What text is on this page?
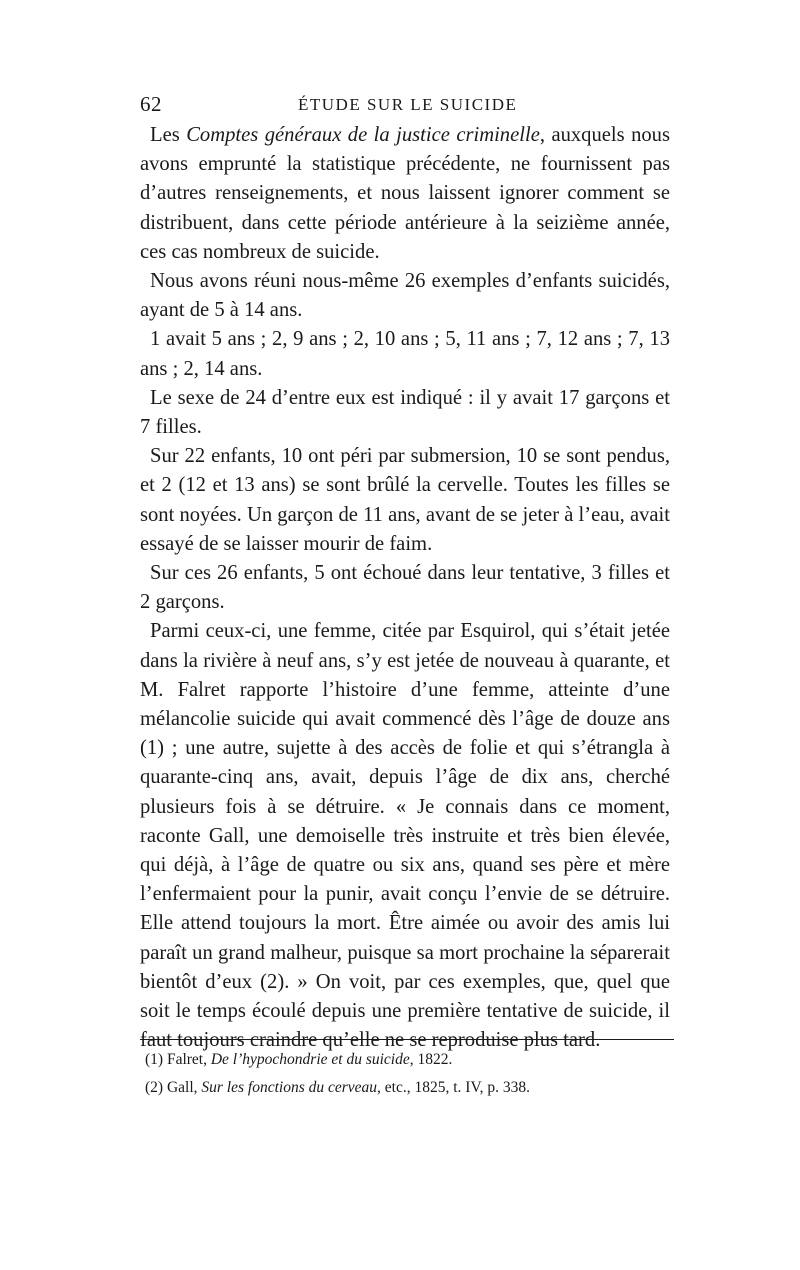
62	ÉTUDE SUR LE SUICIDE

Les Comptes généraux de la justice criminelle, auxquels nous avons emprunté la statistique précédente, ne fournissent pas d’autres renseignements, et nous laissent ignorer comment se distribuent, dans cette période antérieure à la seizième année, ces cas nombreux de suicide.

Nous avons réuni nous-même 26 exemples d’enfants suicidés, ayant de 5 à 14 ans.

1 avait 5 ans ; 2, 9 ans ; 2, 10 ans ; 5, 11 ans ; 7, 12 ans ; 7, 13 ans ; 2, 14 ans.

Le sexe de 24 d’entre eux est indiqué : il y avait 17 garçons et 7 filles.

Sur 22 enfants, 10 ont péri par submersion, 10 se sont pendus, et 2 (12 et 13 ans) se sont brûlé la cervelle. Toutes les filles se sont noyées. Un garçon de 11 ans, avant de se jeter à l’eau, avait essayé de se laisser mourir de faim.

Sur ces 26 enfants, 5 ont échoué dans leur tentative, 3 filles et 2 garçons.

Parmi ceux-ci, une femme, citée par Esquirol, qui s’était jetée dans la rivière à neuf ans, s’y est jetée de nouveau à quarante, et M. Falret rapporte l’histoire d’une femme, atteinte d’une mélancolie suicide qui avait commencé dès l’âge de douze ans (1) ; une autre, sujette à des accès de folie et qui s’étrangla à quarante-cinq ans, avait, depuis l’âge de dix ans, cherché plusieurs fois à se détruire. « Je connais dans ce moment, raconte Gall, une demoiselle très instruite et très bien élevée, qui déjà, à l’âge de quatre ou six ans, quand ses père et mère l’enfermaient pour la punir, avait conçu l’envie de se détruire. Elle attend toujours la mort. Être aimée ou avoir des amis lui paraît un grand malheur, puisque sa mort prochaine la séparerait bientôt d’eux (2). » On voit, par ces exemples, que, quel que soit le temps écoulé depuis une première tentative de suicide, il faut toujours craindre qu’elle ne se reproduise plus tard.

(1) Falret, De l’hypochondrie et du suicide, 1822.
(2) Gall, Sur les fonctions du cerveau, etc., 1825, t. IV, p. 338.
